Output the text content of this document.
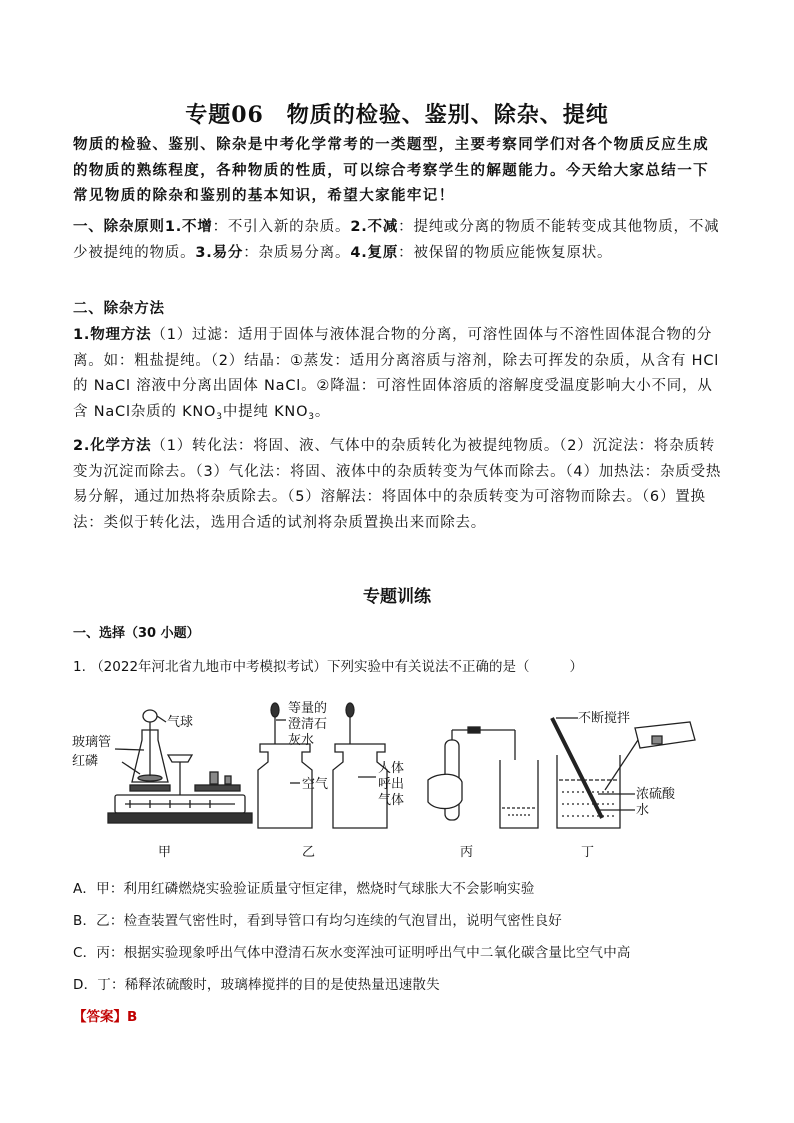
专题06　物质的检验、鉴别、除杂、提纯
物质的检验、鉴别、除杂是中考化学常考的一类题型，主要考察同学们对各个物质反应生成的物质的熟练程度，各种物质的性质，可以综合考察学生的解题能力。今天给大家总结一下常见物质的除杂和鉴别的基本知识，希望大家能牢记！
一、除杂原则1.不增：不引入新的杂质。2.不减：提纯或分离的物质不能转变成其他物质，不减少被提纯的物质。3.易分：杂质易分离。4.复原：被保留的物质应能恢复原状。
二、除杂方法
1.物理方法（1）过滤：适用于固体与液体混合物的分离，可溶性固体与不溶性固体混合物的分离。如：粗盐提纯。（2）结晶：①蒸发：适用分离溶质与溶剂，除去可挥发的杂质，从含有 HCl的 NaCl 溶液中分离出固体 NaCl。②降温：可溶性固体溶质的溶解度受温度影响大小不同，从含 NaCl杂质的 $KNO_3$中提纯 $KNO_3$。
2.化学方法（1）转化法：将固、液、气体中的杂质转化为被提纯物质。（2）沉淀法：将杂质转变为沉淀而除去。（3）气化法：将固、液体中的杂质转变为气体而除去。（4）加热法：杂质受热易分解，通过加热将杂质除去。（5）溶解法：将固体中的杂质转变为可溶物而除去。（6）置换法：类似于转化法，选用合适的试剂将杂质置换出来而除去。
专题训练
一、选择（30 小题）
1. （2022年河北省九地市中考模拟考试）下列实验中有关说法不正确的是（	）
气球
玻璃管
红磷
等量的
澄清石
灰水
空气
人体
呼出
气体
不断搅拌
浓硫酸
水
甲	乙	丙	丁
A．甲：利用红磷燃烧实验验证质量守恒定律，燃烧时气球胀大不会影响实验
B．乙：检查装置气密性时，看到导管口有均匀连续的气泡冒出，说明气密性良好
C．丙：根据实验现象呼出气体中澄清石灰水变浑浊可证明呼出气中二氧化碳含量比空气中高
D．丁：稀释浓硫酸时，玻璃棒搅拌的目的是使热量迅速散失
【答案】B
